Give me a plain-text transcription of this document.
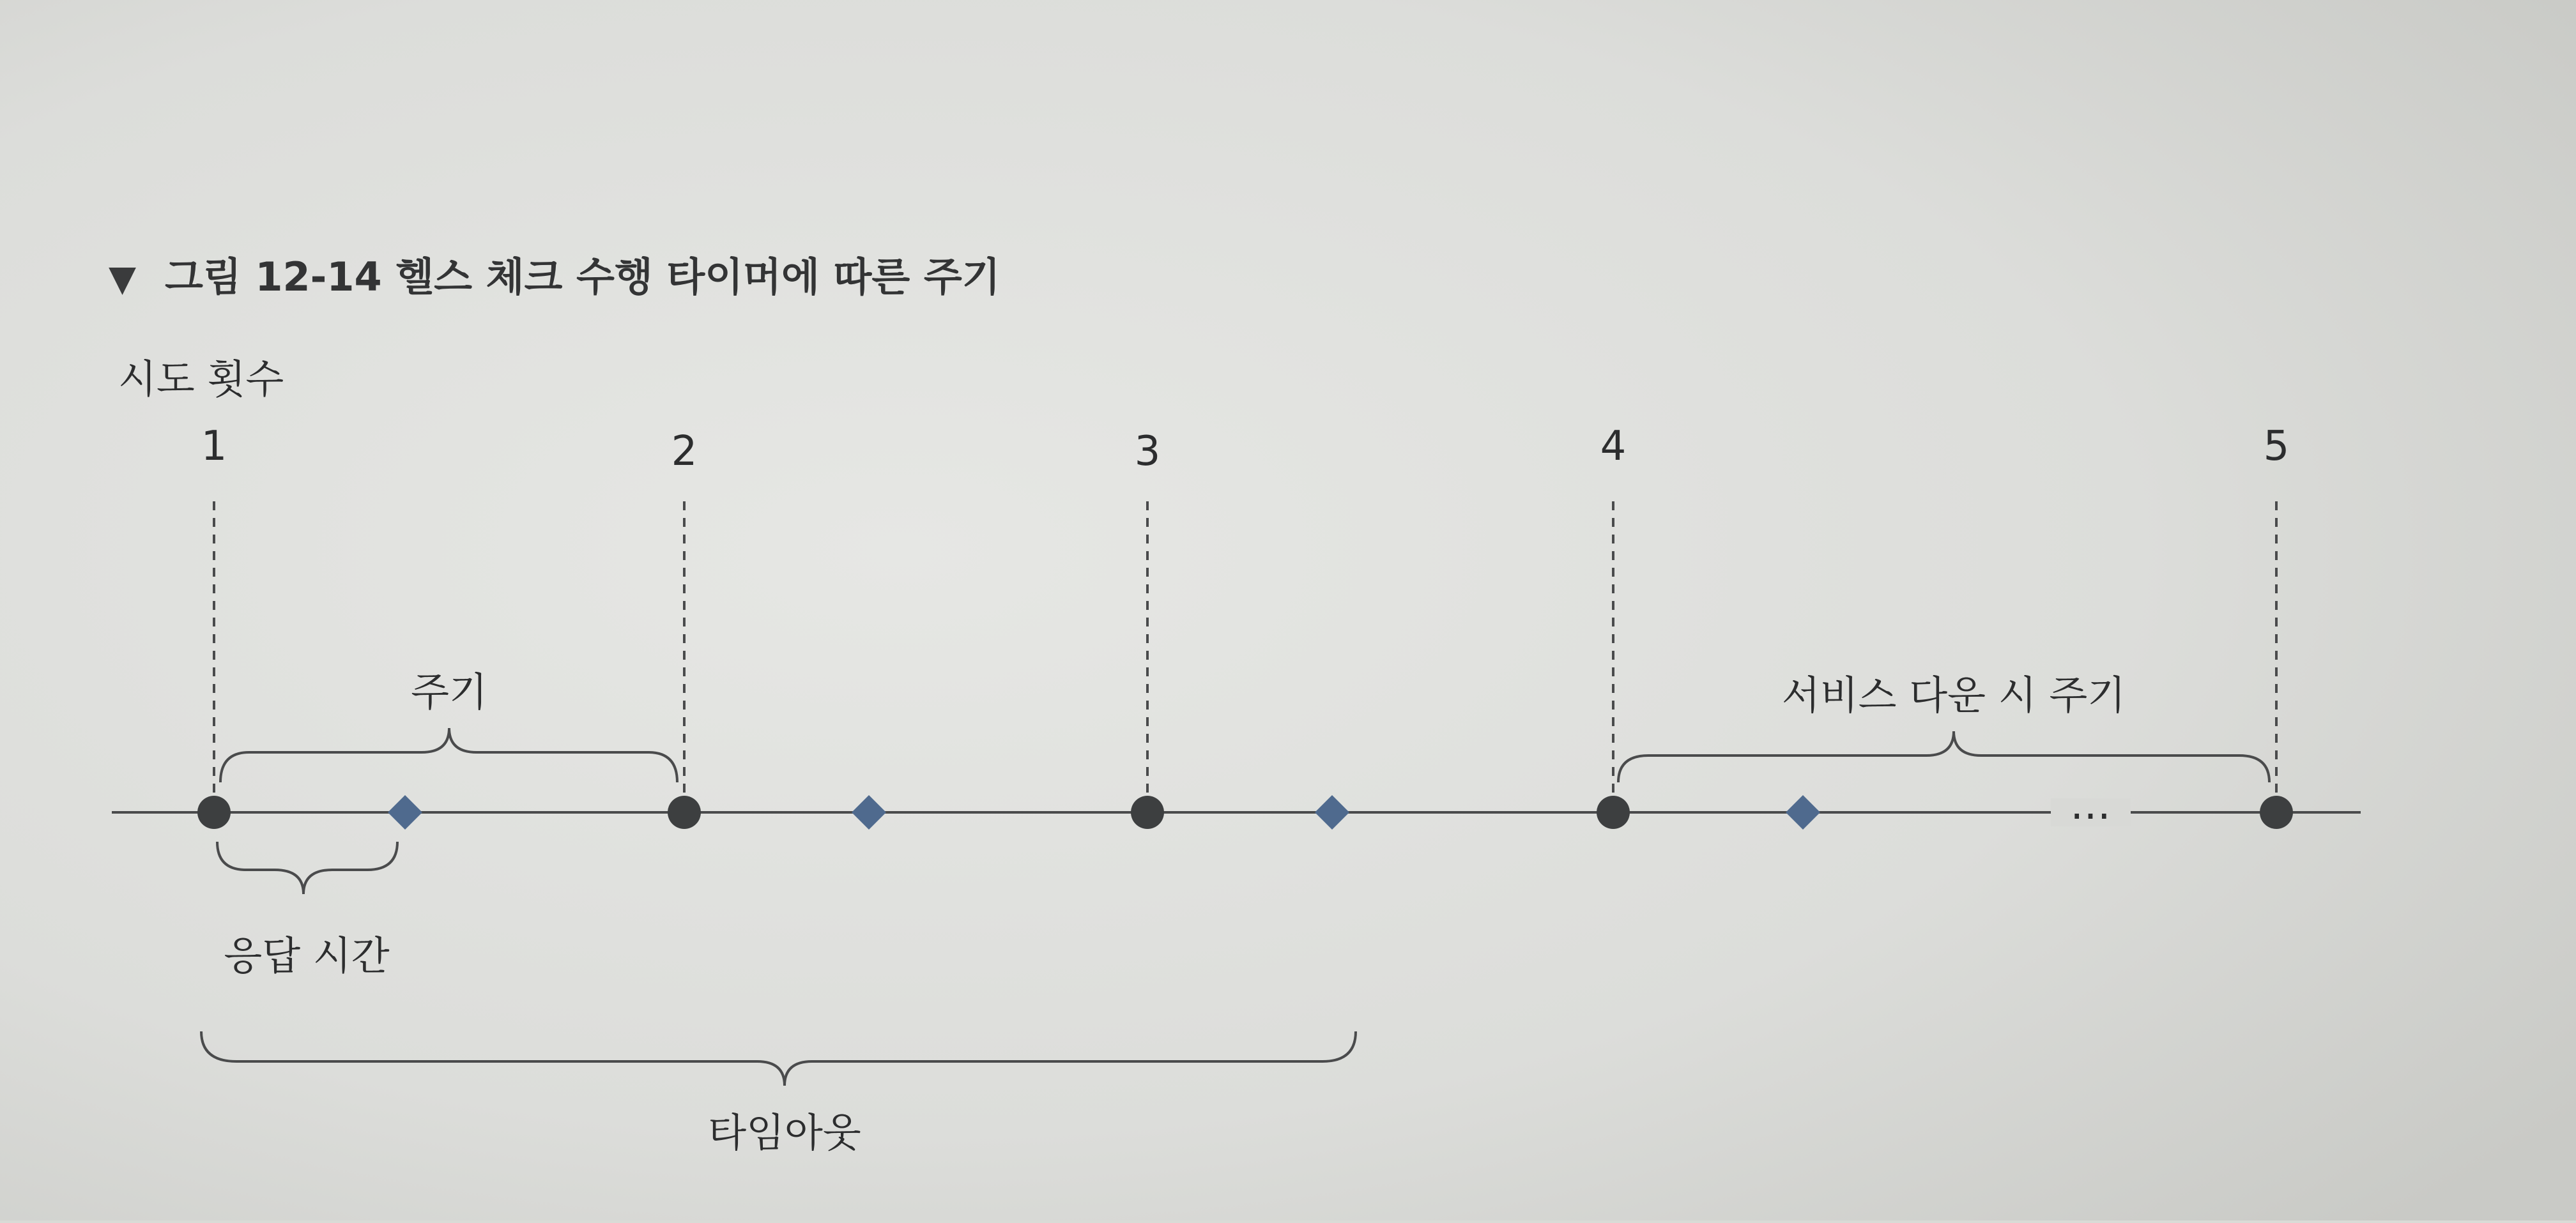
▼ 그림 12-14 헬스 체크 수행 타이머에 따른 주기
시도 횟수
1	2	3	4	5
주기	서비스 다운 시 주기
…
응답 시간
타임아웃
